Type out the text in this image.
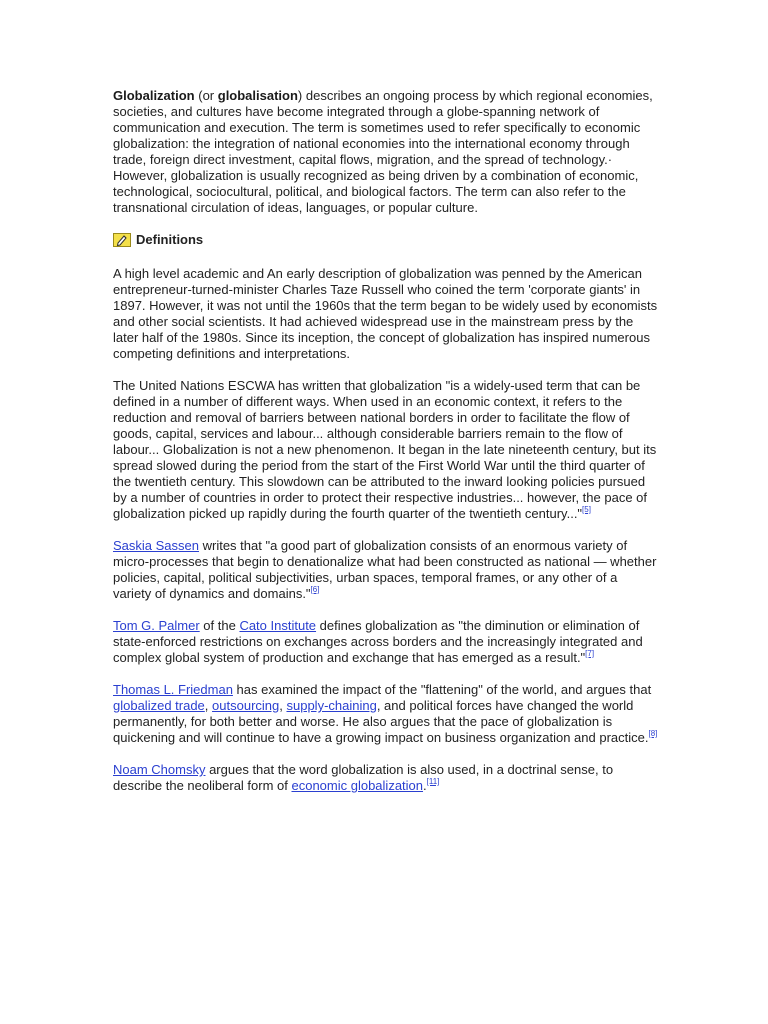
Globalization (or globalisation) describes an ongoing process by which regional economies, societies, and cultures have become integrated through a globe-spanning network of communication and execution. The term is sometimes used to refer specifically to economic globalization: the integration of national economies into the international economy through trade, foreign direct investment, capital flows, migration, and the spread of technology.· However, globalization is usually recognized as being driven by a combination of economic, technological, sociocultural, political, and biological factors. The term can also refer to the transnational circulation of ideas, languages, or popular culture.

Definitions

A high level academic and An early description of globalization was penned by the American entrepreneur-turned-minister Charles Taze Russell who coined the term 'corporate giants' in 1897. However, it was not until the 1960s that the term began to be widely used by economists and other social scientists. It had achieved widespread use in the mainstream press by the later half of the 1980s. Since its inception, the concept of globalization has inspired numerous competing definitions and interpretations.

The United Nations ESCWA has written that globalization "is a widely-used term that can be defined in a number of different ways. When used in an economic context, it refers to the reduction and removal of barriers between national borders in order to facilitate the flow of goods, capital, services and labour... although considerable barriers remain to the flow of labour... Globalization is not a new phenomenon. It began in the late nineteenth century, but its spread slowed during the period from the start of the First World War until the third quarter of the twentieth century. This slowdown can be attributed to the inward looking policies pursued by a number of countries in order to protect their respective industries... however, the pace of globalization picked up rapidly during the fourth quarter of the twentieth century..."[5]

Saskia Sassen writes that "a good part of globalization consists of an enormous variety of micro-processes that begin to denationalize what had been constructed as national — whether policies, capital, political subjectivities, urban spaces, temporal frames, or any other of a variety of dynamics and domains."[6]

Tom G. Palmer of the Cato Institute defines globalization as "the diminution or elimination of state-enforced restrictions on exchanges across borders and the increasingly integrated and complex global system of production and exchange that has emerged as a result."[7]

Thomas L. Friedman has examined the impact of the "flattening" of the world, and argues that globalized trade, outsourcing, supply-chaining, and political forces have changed the world permanently, for both better and worse. He also argues that the pace of globalization is quickening and will continue to have a growing impact on business organization and practice.[8]

Noam Chomsky argues that the word globalization is also used, in a doctrinal sense, to describe the neoliberal form of economic globalization.[11]
